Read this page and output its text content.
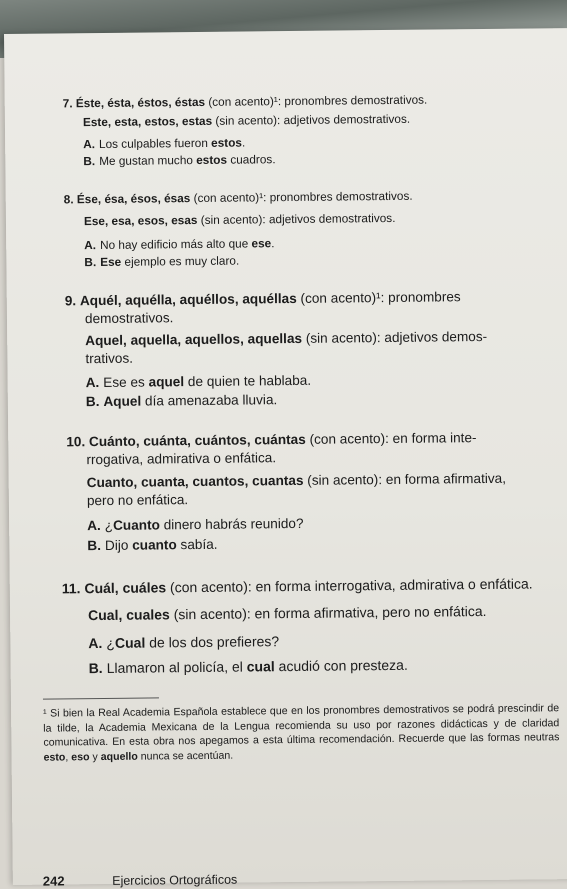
7. Éste, ésta, éstos, éstas (con acento)¹: pronombres demostrativos.

Este, esta, estos, estas (sin acento): adjetivos demostrativos.

A. Los culpables fueron estos.

B. Me gustan mucho estos cuadros.

8. Ése, ésa, ésos, ésas (con acento)¹: pronombres demostrativos.

Ese, esa, esos, esas (sin acento): adjetivos demostrativos.

A. No hay edificio más alto que ese.

B. Ese ejemplo es muy claro.

9. Aquél, aquélla, aquéllos, aquéllas (con acento)¹: pronombres

demostrativos.

Aquel, aquella, aquellos, aquellas (sin acento): adjetivos demos-

trativos.

A. Ese es aquel de quien te hablaba.

B. Aquel día amenazaba lluvia.

10. Cuánto, cuánta, cuántos, cuántas (con acento): en forma inte-

rrogativa, admirativa o enfática.

Cuanto, cuanta, cuantos, cuantas (sin acento): en forma afirmativa,

pero no enfática.

A. ¿Cuanto dinero habrás reunido?

B. Dijo cuanto sabía.

11. Cuál, cuáles (con acento): en forma interrogativa, admirativa o enfática.

Cual, cuales (sin acento): en forma afirmativa, pero no enfática.

A. ¿Cual de los dos prefieres?

B. Llamaron al policía, el cual acudió con presteza.

¹ Si bien la Real Academia Española establece que en los pronombres demostrativos se podrá prescindir de la tilde, la Academia Mexicana de la Lengua recomienda su uso por razones didácticas y de claridad comunicativa. En esta obra nos apegamos a esta última recomendación. Recuerde que las formas neutras esto, eso y aquello nunca se acentúan.

242	Ejercicios Ortográficos
